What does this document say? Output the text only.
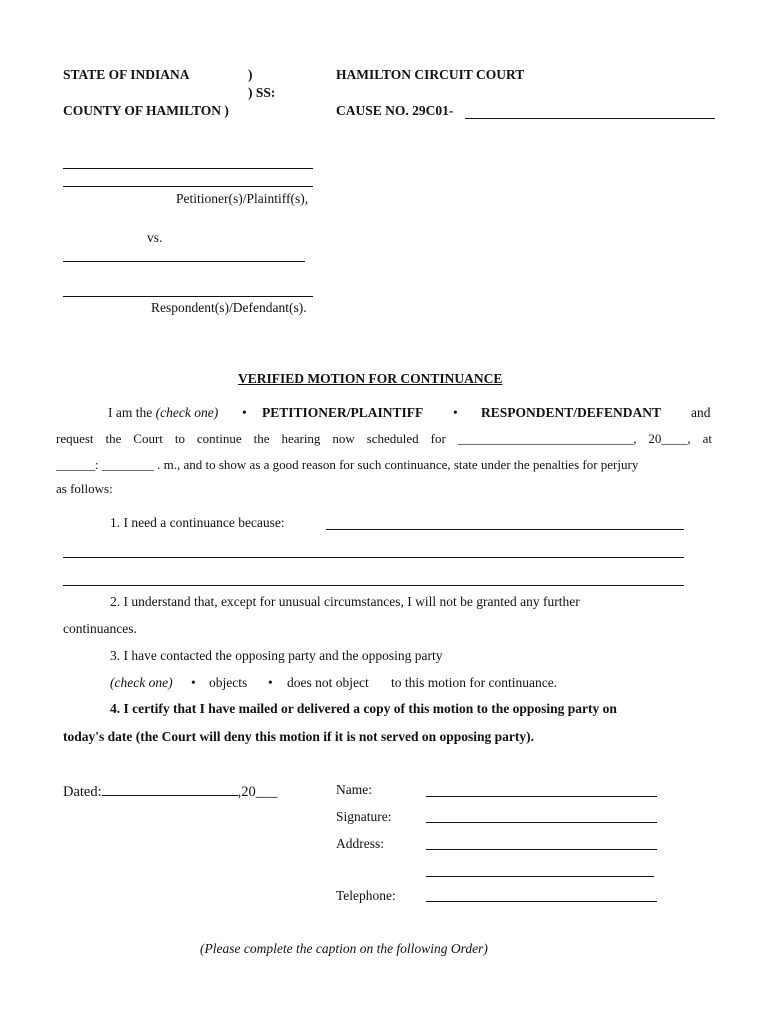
STATE OF INDIANA	)
) SS:
COUNTY OF HAMILTON )
HAMILTON CIRCUIT COURT
CAUSE NO. 29C01-
Petitioner(s)/Plaintiff(s),
vs.
Respondent(s)/Defendant(s).
VERIFIED MOTION FOR CONTINUANCE
I am the (check one) • PETITIONER/PLAINTIFF • RESPONDENT/DEFENDANT and
request the Court to continue the hearing now scheduled for ___________________________, 20____, at
______: ________ . m., and to show as a good reason for such continuance, state under the penalties for perjury
as follows:
1. I need a continuance because:
2. I understand that, except for unusual circumstances, I will not be granted any further
continuances.
3. I have contacted the opposing party and the opposing party
(check one) • objects • does not object to this motion for continuance.
4. I certify that I have mailed or delivered a copy of this motion to the opposing party on
today's date (the Court will deny this motion if it is not served on opposing party).
Dated:	,20___	Name:
Signature:
Address:
Telephone:
(Please complete the caption on the following Order)
